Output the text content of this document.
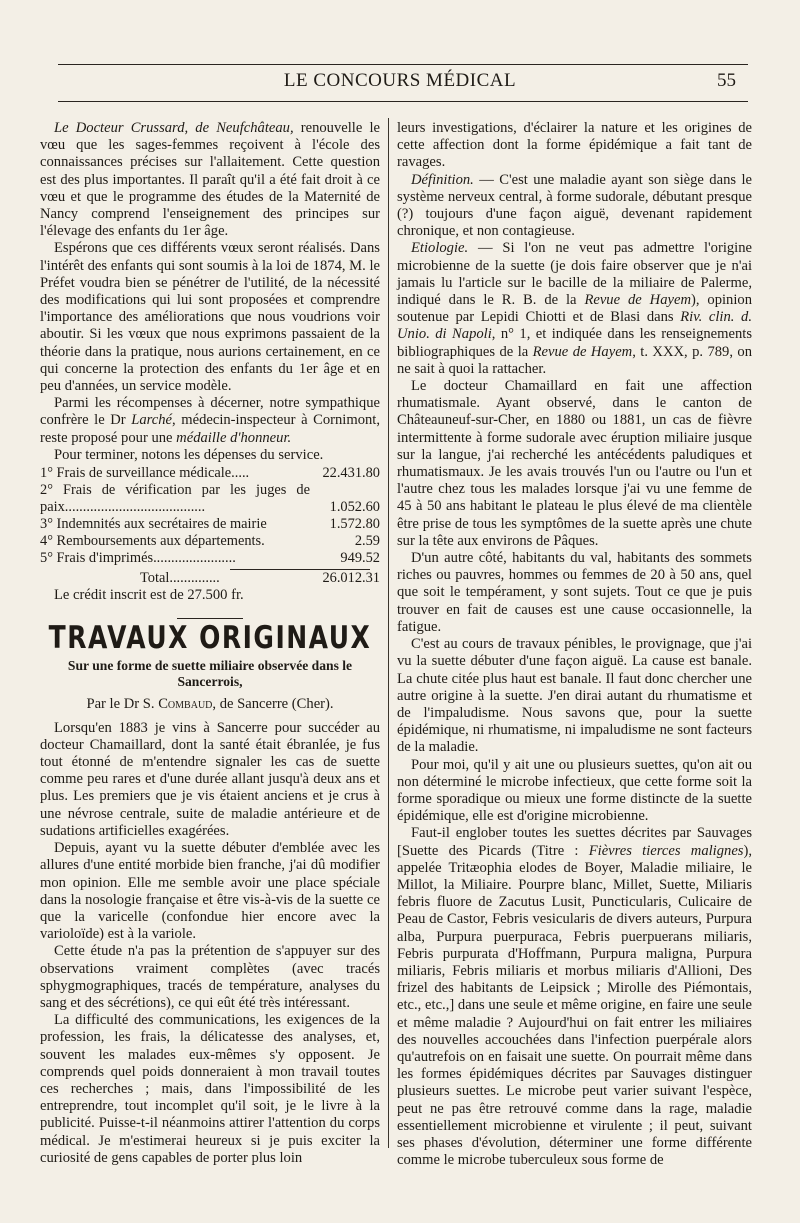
LE CONCOURS MÉDICAL	55

Le Docteur Crussard, de Neufchâteau, renouvelle le vœu que les sages-femmes reçoivent à l'école des connaissances précises sur l'allaitement. Cette question est des plus importantes. Il paraît qu'il a été fait droit à ce vœu et que le programme des études de la Maternité de Nancy comprend l'enseignement des principes sur l'élevage des enfants du 1er âge.

Espérons que ces différents vœux seront réalisés. Dans l'intérêt des enfants qui sont soumis à la loi de 1874, M. le Préfet voudra bien se pénétrer de l'utilité, de la nécessité des modifications qui lui sont proposées et comprendre l'importance des améliorations que nous voudrions voir aboutir. Si les vœux que nous exprimons passaient de la théorie dans la pratique, nous aurions certainement, en ce qui concerne la protection des enfants du 1er âge et en peu d'années, un service modèle.

Parmi les récompenses à décerner, notre sympathique confrère le Dr Larché, médecin-inspecteur à Cornimont, reste proposé pour une médaille d'honneur.

Pour terminer, notons les dépenses du service.

1° Frais de surveillance médicale.....	22.431.80
2° Frais de vérification par les juges de paix.......................................	1.052.60
3° Indemnités aux secrétaires de mairie	1.572.80
4° Remboursements aux départements.	2.59
5° Frais d'imprimés.......................	949.52

Total..............	26.012.31

Le crédit inscrit est de 27.500 fr.

TRAVAUX ORIGINAUX
Sur une forme de suette miliaire observée dans le Sancerrois,
Par le Dr S. Combaud, de Sancerre (Cher).

Lorsqu'en 1883 je vins à Sancerre pour succéder au docteur Chamaillard, dont la santé était ébranlée, je fus tout étonné de m'entendre signaler les cas de suette comme peu rares et d'une durée allant jusqu'à deux ans et plus. Les premiers que je vis étaient anciens et je crus à une névrose centrale, suite de maladie antérieure et de sudations artificielles exagérées.

Depuis, ayant vu la suette débuter d'emblée avec les allures d'une entité morbide bien franche, j'ai dû modifier mon opinion. Elle me semble avoir une place spéciale dans la nosologie française et être vis-à-vis de la suette ce que la varicelle (confondue hier encore avec la varioloïde) est à la variole.

Cette étude n'a pas la prétention de s'appuyer sur des observations vraiment complètes (avec tracés sphygmographiques, tracés de température, analyses du sang et des sécrétions), ce qui eût été très intéressant.

La difficulté des communications, les exigences de la profession, les frais, la délicatesse des analyses, et, souvent les malades eux-mêmes s'y opposent. Je comprends quel poids donneraient à mon travail toutes ces recherches ; mais, dans l'impossibilité de les entreprendre, tout incomplet qu'il soit, je le livre à la publicité. Puisse-t-il néanmoins attirer l'attention du corps médical. Je m'estimerai heureux si je puis exciter la curiosité de gens capables de porter plus loin

leurs investigations, d'éclairer la nature et les origines de cette affection dont la forme épidémique a fait tant de ravages.

Définition. — C'est une maladie ayant son siège dans le système nerveux central, à forme sudorale, débutant presque (?) toujours d'une façon aiguë, devenant rapidement chronique, et non contagieuse.

Etiologie. — Si l'on ne veut pas admettre l'origine microbienne de la suette (je dois faire observer que je n'ai jamais lu l'article sur le bacille de la miliaire de Palerme, indiqué dans le R. B. de la Revue de Hayem), opinion soutenue par Lepidi Chiotti et de Blasi dans Riv. clin. d. Unio. di Napoli, n° 1, et indiquée dans les renseignements bibliographiques de la Revue de Hayem, t. XXX, p. 789, on ne sait à quoi la rattacher.

Le docteur Chamaillard en fait une affection rhumatismale. Ayant observé, dans le canton de Châteauneuf-sur-Cher, en 1880 ou 1881, un cas de fièvre intermittente à forme sudorale avec éruption miliaire jusque sur la langue, j'ai recherché les antécédents paludiques et rhumatismaux. Je les avais trouvés l'un ou l'autre ou l'un et l'autre chez tous les malades lorsque j'ai vu une femme de 45 à 50 ans habitant le plateau le plus élevé de ma clientèle être prise de tous les symptômes de la suette après une chute sur la tête aux environs de Pâques.

D'un autre côté, habitants du val, habitants des sommets riches ou pauvres, hommes ou femmes de 20 à 50 ans, quel que soit le tempérament, y sont sujets. Tout ce que je puis trouver en fait de causes est une cause occasionnelle, la fatigue.

C'est au cours de travaux pénibles, le provignage, que j'ai vu la suette débuter d'une façon aiguë. La cause est banale. La chute citée plus haut est banale. Il faut donc chercher une autre origine à la suette. J'en dirai autant du rhumatisme et de l'impaludisme. Nous savons que, pour la suette épidémique, ni rhumatisme, ni impaludisme ne sont facteurs de la maladie.

Pour moi, qu'il y ait une ou plusieurs suettes, qu'on ait ou non déterminé le microbe infectieux, que cette forme soit la forme sporadique ou mieux une forme distincte de la suette épidémique, elle est d'origine microbienne.

Faut-il englober toutes les suettes décrites par Sauvages [Suette des Picards (Titre : Fièvres tierces malignes), appelée Tritæophia elodes de Boyer, Maladie miliaire, le Millot, la Miliaire. Pourpre blanc, Millet, Suette, Miliaris febris fluore de Zacutus Lusit, Puncticularis, Culicaire de Peau de Castor, Febris vesicularis de divers auteurs, Purpura alba, Purpura puerpuraca, Febris puerpuerans miliaris, Febris purpurata d'Hoffmann, Purpura maligna, Purpura miliaris, Febris miliaris et morbus miliaris d'Allioni, Des frizel des habitants de Leipsick ; Mirolle des Piémontais, etc., etc.,] dans une seule et même origine, en faire une seule et même maladie ? Aujourd'hui on fait entrer les miliaires des nouvelles accouchées dans l'infection puerpérale alors qu'autrefois on en faisait une suette. On pourrait même dans les formes épidémiques décrites par Sauvages distinguer plusieurs suettes. Le microbe peut varier suivant l'espèce, peut ne pas être retrouvé comme dans la rage, maladie essentiellement microbienne et virulente ; il peut, suivant ses phases d'évolution, déterminer une forme différente comme le microbe tuberculeux sous forme de
